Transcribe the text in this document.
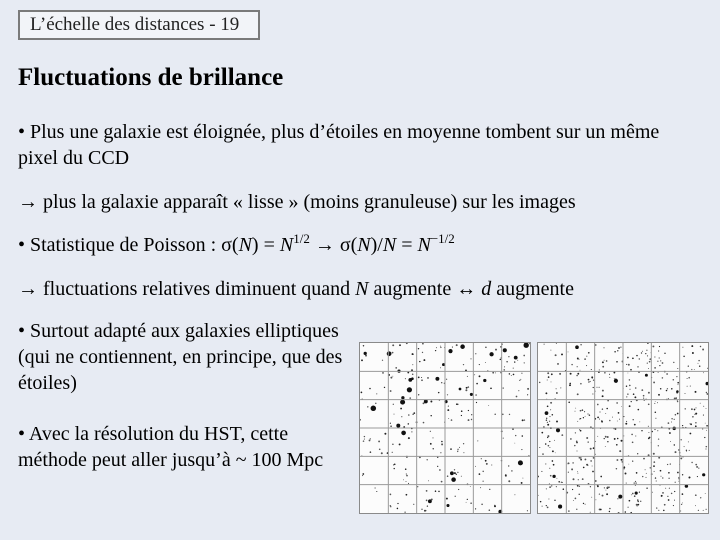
L’échelle des distances - 19
Fluctuations de brillance

• Plus une galaxie est éloignée, plus d’étoiles en moyenne tombent sur un même pixel du CCD

→ plus la galaxie apparaît « lisse » (moins granuleuse) sur les images

• Statistique de Poisson : $\sigma(N) = N^{1/2} \to \sigma(N)/N = N^{-1/2}$

→ fluctuations relatives diminuent quand N augmente ↔ d augmente

• Surtout adapté aux galaxies elliptiques (qui ne contiennent, en principe, que des étoiles)

• Avec la résolution du HST, cette méthode peut aller jusqu’à ~ 100 Mpc
